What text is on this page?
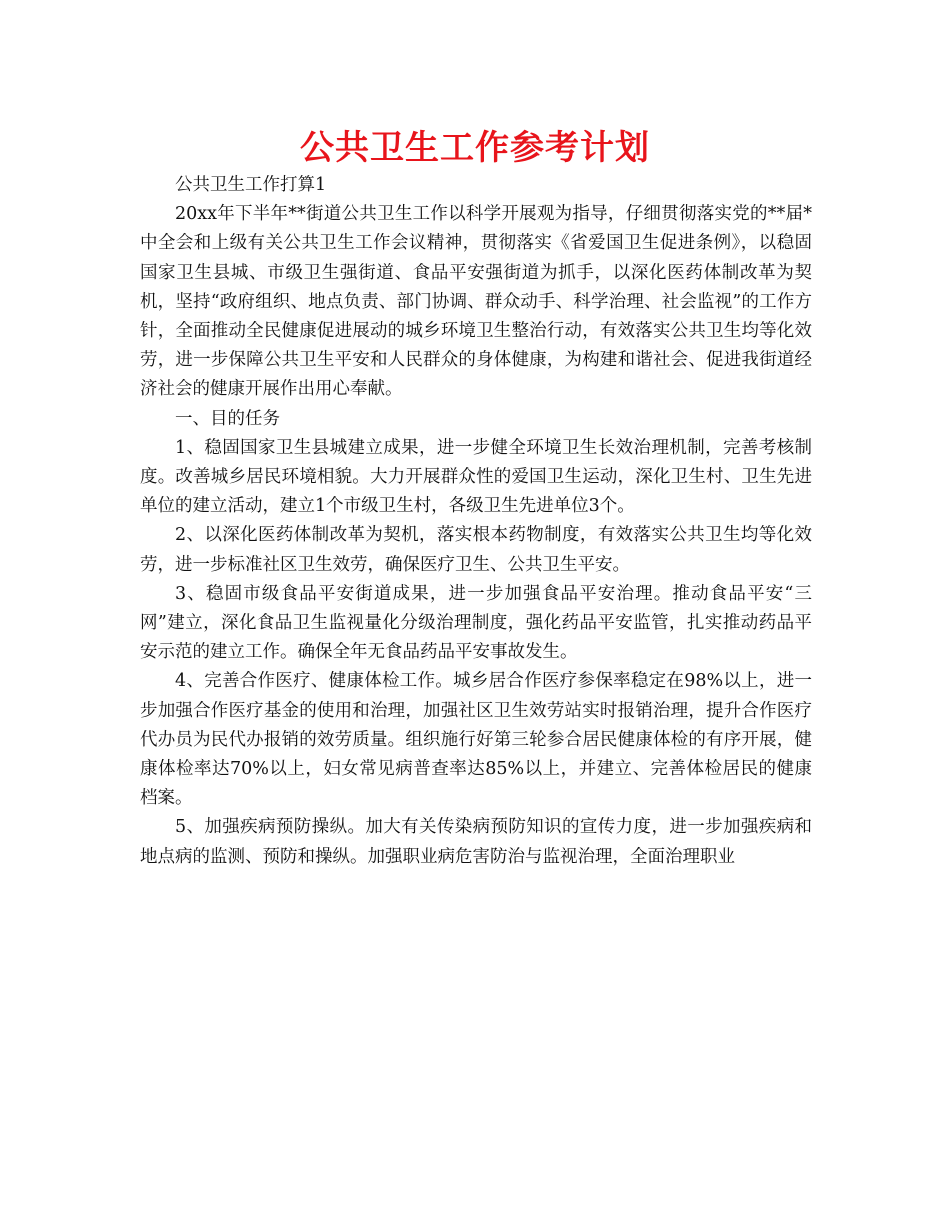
公共卫生工作参考计划

公共卫生工作打算1

20xx年下半年**街道公共卫生工作以科学开展观为指导，仔细贯彻落实党的**届*中全会和上级有关公共卫生工作会议精神，贯彻落实《省爱国卫生促进条例》，以稳固国家卫生县城、市级卫生强街道、食品平安强街道为抓手，以深化医药体制改革为契机，坚持“政府组织、地点负责、部门协调、群众动手、科学治理、社会监视”的工作方针，全面推动全民健康促进展动的城乡环境卫生整治行动，有效落实公共卫生均等化效劳，进一步保障公共卫生平安和人民群众的身体健康，为构建和谐社会、促进我街道经济社会的健康开展作出用心奉献。

一、目的任务

1、稳固国家卫生县城建立成果，进一步健全环境卫生长效治理机制，完善考核制度。改善城乡居民环境相貌。大力开展群众性的爱国卫生运动，深化卫生村、卫生先进单位的建立活动，建立1个市级卫生村，各级卫生先进单位3个。

2、以深化医药体制改革为契机，落实根本药物制度，有效落实公共卫生均等化效劳，进一步标准社区卫生效劳，确保医疗卫生、公共卫生平安。

3、稳固市级食品平安街道成果，进一步加强食品平安治理。推动食品平安“三网”建立，深化食品卫生监视量化分级治理制度，强化药品平安监管，扎实推动药品平安示范的建立工作。确保全年无食品药品平安事故发生。

4、完善合作医疗、健康体检工作。城乡居合作医疗参保率稳定在98%以上，进一步加强合作医疗基金的使用和治理，加强社区卫生效劳站实时报销治理，提升合作医疗代办员为民代办报销的效劳质量。组织施行好第三轮参合居民健康体检的有序开展，健康体检率达70%以上，妇女常见病普查率达85%以上，并建立、完善体检居民的健康档案。

5、加强疾病预防操纵。加大有关传染病预防知识的宣传力度，进一步加强疾病和地点病的监测、预防和操纵。加强职业病危害防治与监视治理，全面治理职业
